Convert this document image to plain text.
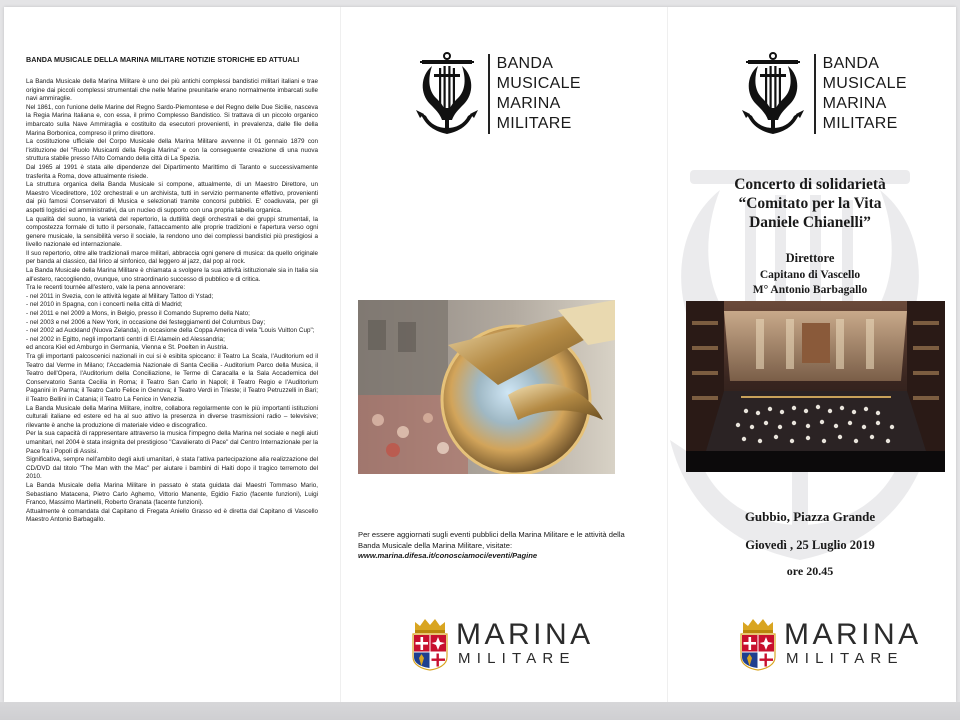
BANDA MUSICALE DELLA MARINA MILITARE NOTIZIE STORICHE ED ATTUALI

La Banda Musicale della Marina Militare è uno dei più antichi complessi bandistici militari italiani e trae origine dai piccoli complessi strumentali che nelle Marine preunitarie erano normalmente imbarcati sulle navi ammiraglie.

Nel 1861, con l'unione delle Marine del Regno Sardo-Piemontese e del Regno delle Due Sicilie, nasceva la Regia Marina Italiana e, con essa, il primo Complesso Bandistico. Si trattava di un piccolo organico imbarcato sulla Nave Ammiraglia e costituito da esecutori provenienti, in prevalenza, dalle file della Marina Borbonica, compreso il primo direttore.

La costituzione ufficiale del Corpo Musicale della Marina Militare avvenne il 01 gennaio 1879 con l'istituzione del "Ruolo Musicanti della Regia Marina" e con la conseguente creazione di una nuova struttura stabile presso l'Alto Comando della città di La Spezia.

Dal 1965 al 1991 è stata alle dipendenze del Dipartimento Marittimo di Taranto e successivamente trasferita a Roma, dove attualmente risiede.

La struttura organica della Banda Musicale si compone, attualmente, di un Maestro Direttore, un Maestro Vicedirettore, 102 orchestrali e un archivista, tutti in servizio permanente effettivo, provenienti dai più famosi Conservatori di Musica e selezionati tramite concorsi pubblici. E' coadiuvata, per gli aspetti logistici ed amministrativi, da un nucleo di supporto con una propria tabella organica.

La qualità del suono, la varietà del repertorio, la duttilità degli orchestrali e dei gruppi strumentali, la compostezza formale di tutto il personale, l'attaccamento alle proprie tradizioni e l'apertura verso ogni genere musicale, la sensibilità verso il sociale, la rendono uno dei complessi bandistici più prestigiosi a livello nazionale ed internazionale.

Il suo repertorio, oltre alle tradizionali marce militari, abbraccia ogni genere di musica: da quello originale per banda al classico, dal lirico al sinfonico, dal leggero al jazz, dal pop al rock.

La Banda Musicale della Marina Militare è chiamata a svolgere la sua attività istituzionale sia in Italia sia all'estero, raccogliendo, ovunque, uno straordinario successo di pubblico e di critica.

Tra le recenti tournée all'estero, vale la pena annoverare:

- nel 2011 in Svezia, con le attività legate al Military Tattoo di Ystad;

- nel 2010 in Spagna, con i concerti nella città di Madrid;

- nel 2011 e nel 2009 a Mons, in Belgio, presso il Comando Supremo della Nato;

- nel 2003 e nel 2006 a New York, in occasione dei festeggiamenti del Columbus Day;

- nel 2002 ad Auckland (Nuova Zelanda), in occasione della Coppa America di vela "Louis Vuitton Cup";

- nel 2002 in Egitto, negli importanti centri di El Alamein ed Alessandria;

ed ancora Kiel ed Amburgo in Germania, Vienna e St. Poelten in Austria.

Tra gli importanti palcoscenici nazionali in cui si è esibita spiccano: il Teatro La Scala, l'Auditorium ed il Teatro dal Verme in Milano; l'Accademia Nazionale di Santa Cecilia - Auditorium Parco della Musica, il Teatro dell'Opera, l'Auditorium della Conciliazione, le Terme di Caracalla e la Sala Accademica del Conservatorio Santa Cecilia in Roma; il Teatro San Carlo in Napoli; il Teatro Regio e l'Auditorium Paganini in Parma; il Teatro Carlo Felice in Genova; il Teatro Verdi in Trieste; il Teatro Petruzzelli in Bari; il Teatro Bellini in Catania; il Teatro La Fenice in Venezia.

La Banda Musicale della Marina Militare, inoltre, collabora regolarmente con le più importanti istituzioni culturali italiane ed estere ed ha al suo attivo la presenza in diverse trasmissioni radio – televisive; rilevante è anche la produzione di materiale video e discografico.

Per la sua capacità di rappresentare attraverso la musica l'impegno della Marina nel sociale e negli aiuti umanitari, nel 2004 è stata insignita del prestigioso "Cavalierato di Pace" dal Centro Internazionale per la Pace fra i Popoli di Assisi.

Significativa, sempre nell'ambito degli aiuti umanitari, è stata l'attiva partecipazione alla realizzazione del CD/DVD dal titolo "The Man with the Mac" per aiutare i bambini di Haiti dopo il tragico terremoto del 2010.

La Banda Musicale della Marina Militare in passato è stata guidata dai Maestri Tommaso Mario, Sebastiano Matacena, Pietro Carlo Aghemo, Vittorio Manente, Egidio Fazio (facente funzioni), Luigi Franco, Massimo Martinelli, Roberto Granata (facente funzioni).

Attualmente è comandata dal Capitano di Fregata Aniello Grasso ed è diretta dal Capitano di Vascello Maestro Antonio Barbagallo.

BANDA
MUSICALE
MARINA
MILITARE
Per essere aggiornati sugli eventi pubblici della Marina Militare e le attività della Banda Musicale della Marina Militare, visitate:
www.marina.difesa.it/conosciamoci/eventi/Pagine
MARINA
MILITARE
BANDA
MUSICALE
MARINA
MILITARE
Concerto di solidarietà
“Comitato per la Vita
Daniele Chianelli”
Direttore
Capitano di Vascello
M° Antonio Barbagallo
Gubbio, Piazza Grande
Giovedì , 25 Luglio 2019
ore 20.45
MARINA
MILITARE
